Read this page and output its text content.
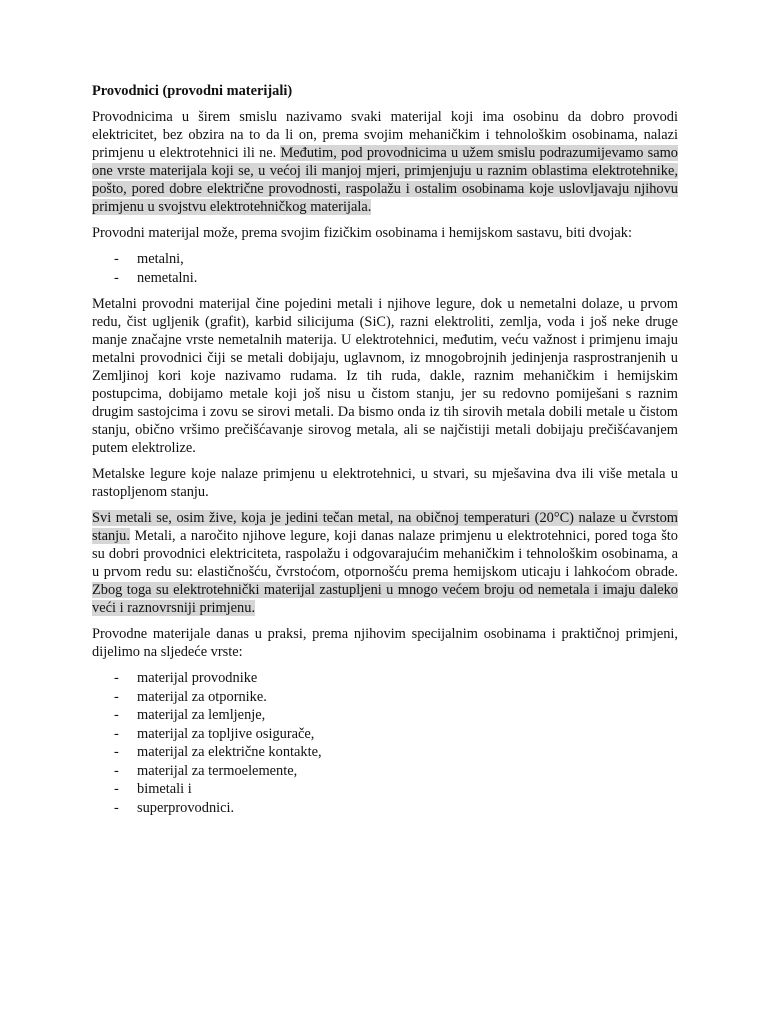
Provodnici (provodni materijali)

Provodnicima u širem smislu nazivamo svaki materijal koji ima osobinu da dobro provodi elektricitet, bez obzira na to da li on, prema svojim mehaničkim i tehnološkim osobinama, nalazi primjenu u elektrotehnici ili ne. Međutim, pod provodnicima u užem smislu podrazumijevamo samo one vrste materijala koji se, u većoj ili manjoj mjeri, primjenjuju u raznim oblastima elektrotehnike, pošto, pored dobre električne provodnosti, raspolažu i ostalim osobinama koje uslovljavaju njihovu primjenu u svojstvu elektrotehničkog materijala.

Provodni materijal može, prema svojim fizičkim osobinama i hemijskom sastavu, biti dvojak:

- metalni,
- nemetalni.

Metalni provodni materijal čine pojedini metali i njihove legure, dok u nemetalni dolaze, u prvom redu, čist ugljenik (grafit), karbid silicijuma (SiC), razni elektroliti, zemlja, voda i još neke druge manje značajne vrste nemetalnih materija. U elektrotehnici, međutim, veću važnost i primjenu imaju metalni provodnici čiji se metali dobijaju, uglavnom, iz mnogobrojnih jedinjenja rasprostranjenih u Zemljinoj kori koje nazivamo rudama. Iz tih ruda, dakle, raznim mehaničkim i hemijskim postupcima, dobijamo metale koji još nisu u čistom stanju, jer su redovno pomiješani s raznim drugim sastojcima i zovu se sirovi metali. Da bismo onda iz tih sirovih metala dobili metale u čistom stanju, obično vršimo prečišćavanje sirovog metala, ali se najčistiji metali dobijaju prečišćavanjem putem elektrolize.

Metalske legure koje nalaze primjenu u elektrotehnici, u stvari, su mješavina dva ili više metala u rastopljenom stanju.

Svi metali se, osim žive, koja je jedini tečan metal, na običnoj temperaturi (20°C) nalaze u čvrstom stanju. Metali, a naročito njihove legure, koji danas nalaze primjenu u elektrotehnici, pored toga što su dobri provodnici elektriciteta, raspolažu i odgovarajućim mehaničkim i tehnološkim osobinama, a u prvom redu su: elastičnošću, čvrstoćom, otpornošću prema hemijskom uticaju i lahkoćom obrade. Zbog toga su elektrotehnički materijal zastupljeni u mnogo većem broju od nemetala i imaju daleko veći i raznovrsniji primjenu.

Provodne materijale danas u praksi, prema njihovim specijalnim osobinama i praktičnoj primjeni, dijelimo na sljedeće vrste:

- materijal provodnike
- materijal za otpornike.
- materijal za lemljenje,
- materijal za topljive osigurače,
- materijal za električne kontakte,
- materijal za termoelemente,
- bimetali i
- superprovodnici.
